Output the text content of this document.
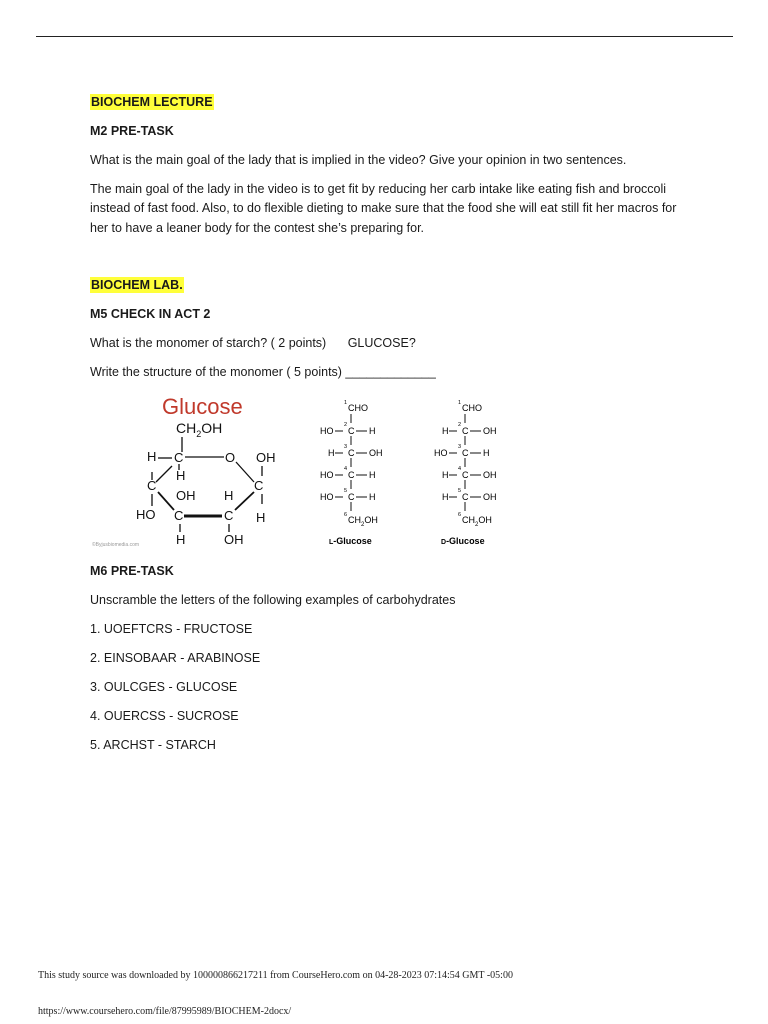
BIOCHEM LECTURE
M2 PRE-TASK
What is the main goal of the lady that is implied in the video? Give your opinion in two sentences.
The main goal of the lady in the video is to get fit by reducing her carb intake like eating fish and broccoli instead of fast food. Also, to do flexible dieting to make sure that the food she will eat still fit her macros for her to have a leaner body for the contest she’s preparing for.
BIOCHEM LAB.
M5 CHECK IN ACT 2
What is the monomer of starch? ( 2 points) GLUCOSE?
Write the structure of the monomer ( 5 points) _____________
Glucose
$CH_2OH$
H C	O OH
H
C
C
HO
OH H
C	C H
H	OH
©Byjusbiomedia.com
1 CHO
HO
2
C H
H
3
C OH
HO
4
C H
HO
5
C H
6 $CH_2OH$
L-Glucose
1 CHO
H
2
C OH
HO
3
C H
H
4
C OH
H
5
C OH
6 $CH_2OH$
D-Glucose
M6 PRE-TASK
Unscramble the letters of the following examples of carbohydrates
1. UOEFTCRS - FRUCTOSE
2. EINSOBAAR - ARABINOSE
3. OULCGES - GLUCOSE
4. OUERCSS - SUCROSE
5. ARCHST - STARCH
This study source was downloaded by 100000866217211 from CourseHero.com on 04-28-2023 07:14:54 GMT -05:00
https://www.coursehero.com/file/87995989/BIOCHEM-2docx/
